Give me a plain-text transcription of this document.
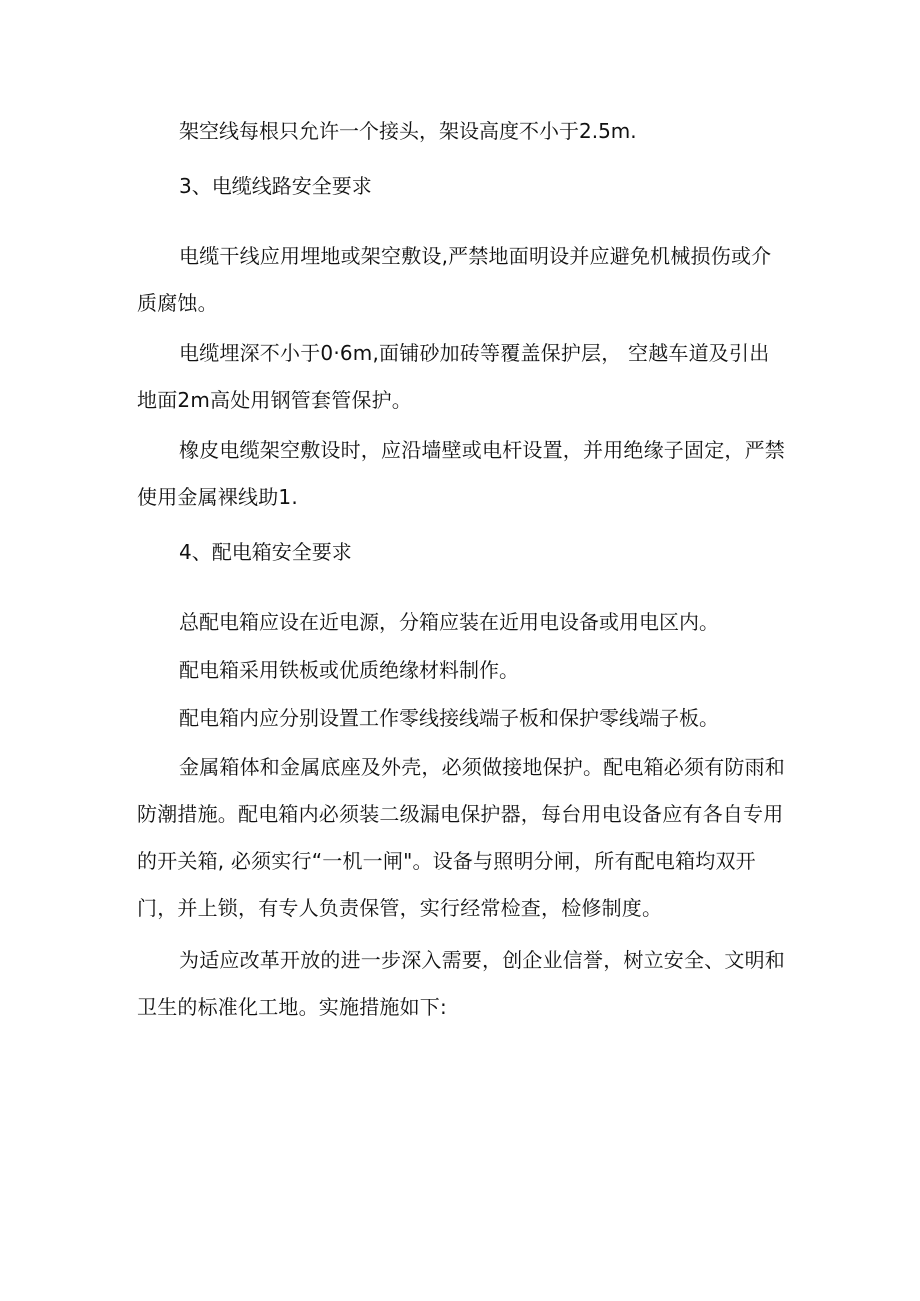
架空线每根只允许一个接头，架设高度不小于2.5m.

3、电缆线路安全要求

电缆干线应用埋地或架空敷设,严禁地面明设并应避免机械损伤或介质腐蚀。

电缆埋深不小于0·6m,面铺砂加砖等覆盖保护层， 空越车道及引出地面2m高处用钢管套管保护。

橡皮电缆架空敷设时，应沿墙壁或电杆设置，并用绝缘子固定，严禁使用金属裸线助1.

4、配电箱安全要求

总配电箱应设在近电源，分箱应装在近用电设备或用电区内。

配电箱采用铁板或优质绝缘材料制作。

配电箱内应分别设置工作零线接线端子板和保护零线端子板。

金属箱体和金属底座及外壳，必须做接地保护。配电箱必须有防雨和防潮措施。配电箱内必须装二级漏电保护器，每台用电设备应有各自专用的开关箱, 必须实行“一机一闸"。设备与照明分闸，所有配电箱均双开门，并上锁，有专人负责保管，实行经常检查，检修制度。

为适应改革开放的进一步深入需要，创企业信誉，树立安全、文明和卫生的标准化工地。实施措施如下:
